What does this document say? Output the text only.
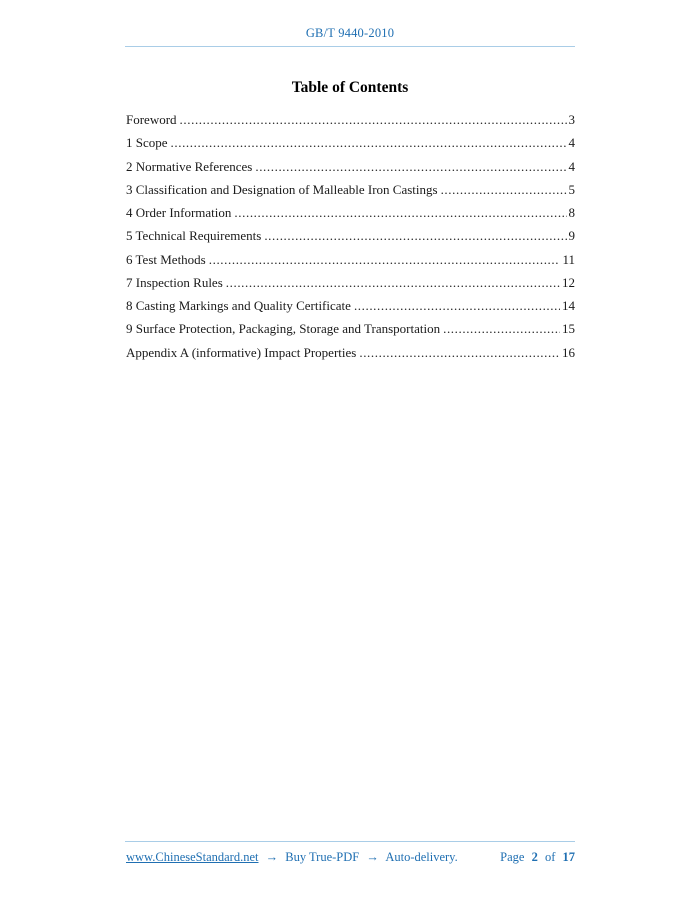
GB/T 9440-2010
Table of Contents
Foreword .....	3
1 Scope .....	4
2 Normative References .....	4
3 Classification and Designation of Malleable Iron Castings .....	5
4 Order Information .....	8
5 Technical Requirements .....	9
6 Test Methods .....	11
7 Inspection Rules .....	12
8 Casting Markings and Quality Certificate .....	14
9 Surface Protection, Packaging, Storage and Transportation .....	15
Appendix A (informative) Impact Properties .....	16
www.ChineseStandard.net → Buy True-PDF → Auto-delivery.	Page 2 of 17
